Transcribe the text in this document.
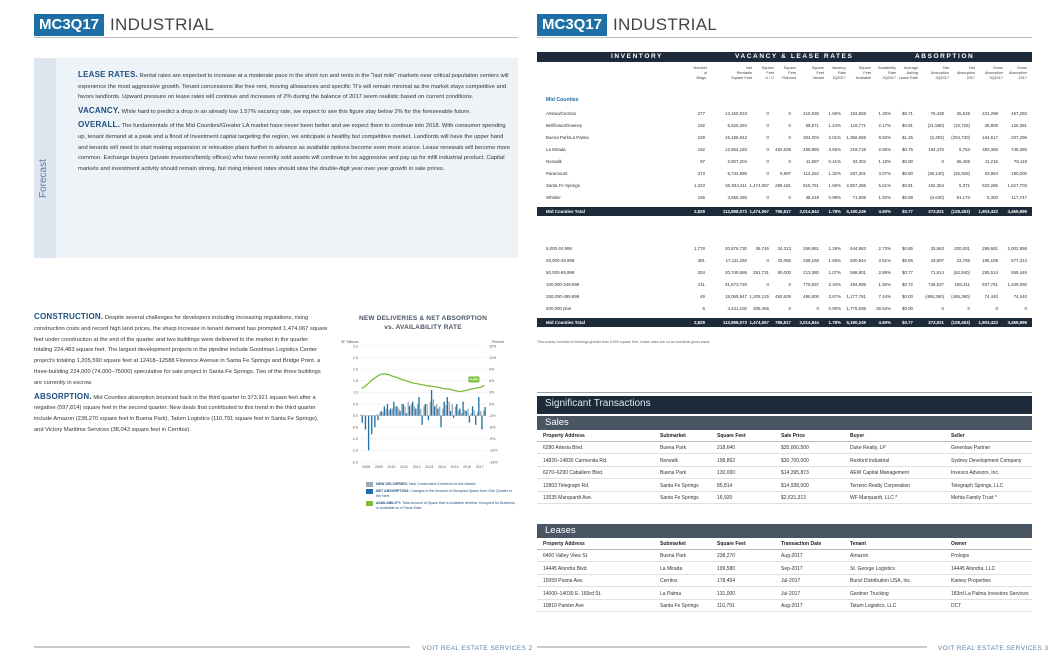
MC3Q17 INDUSTRIAL
Forecast

LEASE RATES. Rental rates are expected to increase at a moderate pace in the short run and rents in the "last mile" markets near critical population centers will experience the most aggressive growth. Tenant concessions like free rent, moving allowances and specific TI's will remain minimal as the market stays competitive and favors landlords. Upward pressure on lease rates will continue and increases of 2% during the balance of 2017 seem realistic based on current conditions.

VACANCY. While hard to predict a drop in an already low 1.57% vacancy rate, we expect to see this figure stay below 2% for the foreseeable future.

OVERALL. The fundamentals of the Mid Counties/Greater LA market have never been better and we expect them to continue into 2018. With consumer spending up, tenant demand at a peak and a flood of investment capital targeting the region, we anticipate a healthy but competitive market. Landlords will have the upper hand and tenants will need to start making expansion or relocation plans further in advance as available options become even more scarce. Lease renewals will become more common. Exchange buyers (private investors/family offices) who have recently sold assets will continue to be aggressive and pay up for infill industrial product. Capital markets and investment activity should remain strong, but rising interest rates should slow the double-digit year over year growth in sale prices.

CONSTRUCTION. Despite several challenges for developers including increasing regulations, rising construction costs and record high land prices, the sharp increase in tenant demand has prompted 1,474,067 square feet under construction at the end of the quarter and two buildings were delivered to the market in the quarter totaling 224,483 square feet. The largest development projects in the pipeline include Goodman Logistics Center project's totaling 1,205,590 square feet at 12418–12588 Florence Avenue in Santa Fe Springs and Bridge Point. a three-building 224,000 (74,000–75000) speculative for sale project in Santa Fe Springs. Two of the three buildings are currently in escrow.

ABSORPTION. Mid Counties absorption bounced back in the third quarter to 373,921 square feet after a negative (597,814) square feet in the second quarter. New deals that contributed to this trend in the third quarter include Amazon (238,270 square feet in Buena Park), Tatum Logistics (110,791 square feet in Santa Fe Springs), and Victory Maritime Services (38,043 square feet in Cerritos).

SF Millions	Percent
3.0
2.5
2.0
1.5
1.0
0.5
0.0
-0.5
-1.0
-1.5
-2.0
15%
12%
9%
6%
3%
0%
-3%
-6%
-9%
-12%
-15%
4.8%
2008 2009 2010 2011 2012 2013 2014 2015 2016 2017
NEW DELIVERIES & NET ABSORPTION
vs. AVAILABILITY RATE
NEW DELIVERIES: New Construction Delivered to the Market
NET ABSORPTION: Changes in the Amount of Occupied Space from One Quarter to the Next
AVAILABILITY: Total Amount of Space that is Available whether Occupied for Business, or Available at a Future Date
VOIT REAL ESTATE SERVICES 2
MC3Q17 INDUSTRIAL
INVENTORY	VACANCY & LEASE RATES	ABSORPTION
Number
of
Bldgs.
Net
Rentable
Square Feet
Square
Feet
U / C
Square
Feet
Planned
Square
Feet
Vacant
Vacancy
Rate
3Q2017
Square
Feet
Available
Availability
Rate
3Q2017
Average
Asking
Lease Rate
Net
Absorption
3Q2017
Net
Absorption
2017
Gross
Absorption
3Q2017
Gross
Absorption
2017
Mid Counties
Artesia/Cerritos	277	13,150,023	0	0	210,535 1.60% 163,858	1.25%	$0.71	76,438	25,549	224,298	467,283
Bellflower/Downey	192	5,526,284	0	0	68,571 1.24% 119,771	2.17%	$0.81	(21,580) (10,726)	36,809	126,381
Buena Park/La Palma	229	15,186,942	0	0	304,004 2.01% 1,356,669	8.93%	$1.25	(5,293) (294,730)	164,617	207,296
La Mirada	182	12,554,183	0 492,639	458,865 3.55% 319,718	2.55%	$0.75	194,470	5,763	383,366	748,355
Norwalk	97	2,907,204	0	0	11,997 0.41%	34,302	1.18%	$0.00	0	56,469	11,215	78,119
Paramount	373	9,734,985	0	5,997	114,252 1.32% 287,301	3.07%	$0.80	(38,140) (26,928)	33,964	190,000
Santa Fe Springs	1,323	50,934,211 1,474,067 289,181	915,751 1.60% 2,857,365	5.61%	$0.81	152,354	5,371	923,285 1,527,703
Whittier	156	3,555,455	0	0	38,318 0.98%	71,808	1.82%	$0.98	(6,630)	51,173	5,300	117,747
Mid Counties Total	2,829	112,898,073 1,474,067 786,817 2,014,844 1.78% 5,180,249	4.60%	$0.77	373,921 (128,453) 1,903,422 3,469,899
5,000-24,999	1,778	20,876,730 36,746 34,313	269,881 1.29% 644,983	2.73%	$0.85	33,563 200,001	289,681 1,002,958
25,000-49,999	481	17,111,292	0 15,065	268,165 1.65% 600,944	3.51%	$0.85	43,907	23,755	195,108	577,314
50,000-99,999	304	20,749,586 251,731 90,000	213,380 1.07% 586,901	2.89%	$0.77	71,814 (62,940)	255,514	555,449
100,000-249,999	211	31,673,720	0	0	776,837 2.34% 494,895	1.50%	$0.72	735,537 198,311	937,751 1,239,090
250,000-499,999	49	15,055,947 1,205,125 492,639	496,500 3.67% 1,177,761	7.44%	$0.00	(486,390) (486,390)	74,440	74,440
500,000 plus	6	4,431,100 306,465	0	0 0.00% 1,775,635 38.54%	$0.00	0	0	0	0
Mid Counties Total	2,829	112,898,073 1,474,067 786,817 2,014,844 1.78% 5,180,249	4.60%	$0.77	373,921 (128,453) 1,903,422 3,469,899
This survey consists of buildings greater than 5,000 square feet. Lease rates are on an industrial gross basis.
Significant Transactions
Sales
Property Address	Submarket	Square Feet	Sale Price	Buyer	Seller
6280 Artesia Blvd.	Buena Park	218,640	$35,000,500	Duke Realty, LP	Greenlaw Partner
14820–14830 Carmenita Rd.	Norwalk	198,862	$30,700,000	Rexford Industrial	Sydney Development Company
6270–6290 Caballero Blvd.	Buena Park	130,000	$14,395,873	AEW Capital Management	Invesco Advisors, Inc.
12803 Telegraph Rd.	Santa Fe Springs	85,814	$14,938,000	Terreno Realty Corporation	Telegraph Springs, LLC
13535 Marquardt Ave.	Santa Fe Springs	16,920	$2,631,313	WF Marquardt, LLC *	Mehta Family Trust *
Leases
Property Address	Submarket	Square Feet	Transaction Date	Tenant	Owner
6400 Valley View St.	Buena Park	238,270	Aug-2017	Amazon	Prologis
14445 Alondra Blvd.	La Mirada	199,580	Sep-2017	St. George Logistics	14445 Alondra, LLC
15059 Piuma Ave.	Cerritos	178,454	Jul-2017	Bunzl Distribution USA, Inc.	Kamey Properties
14000–14030 E. 183rd St.	La Palma	131,000	Jul-2017	Gardner Trucking	183rd La Palma Investors Services
10810 Painter Ave	Santa Fe Springs	110,791	Aug-2017	Tatum Logistics, LLC	DCT
VOIT REAL ESTATE SERVICES 3
